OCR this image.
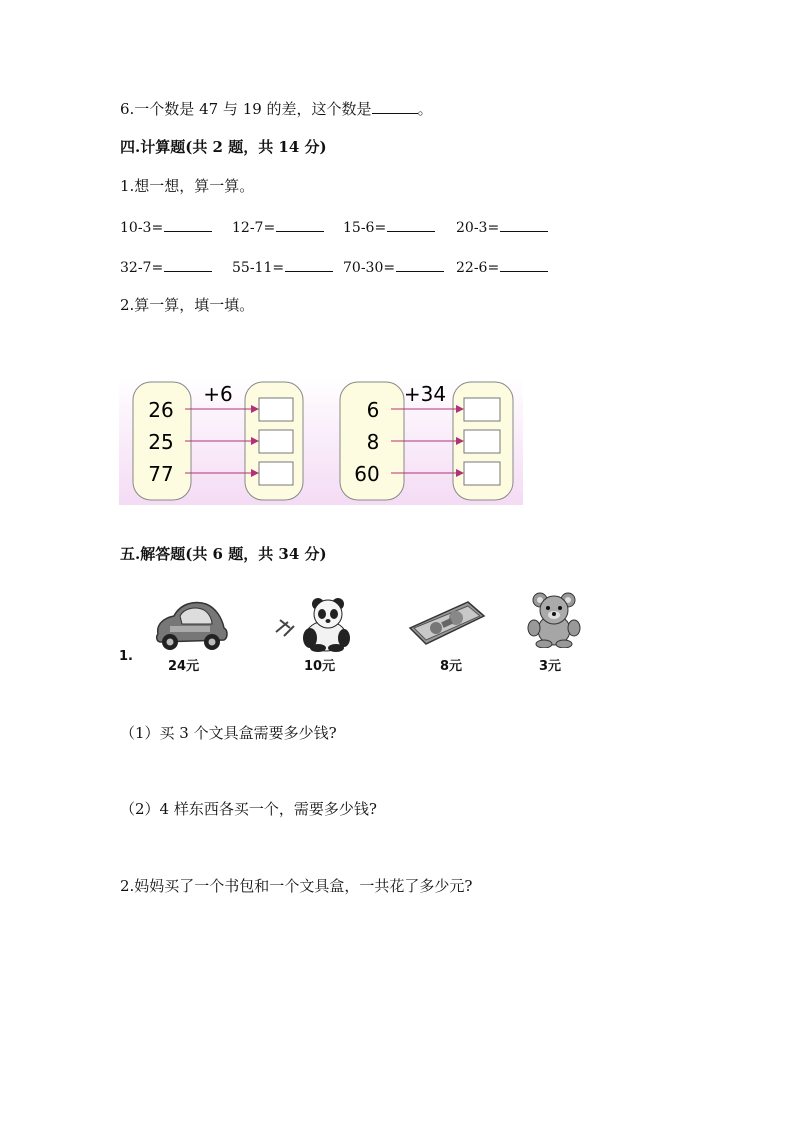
6.一个数是 47 与 19 的差，这个数是	。
四.计算题(共 2 题，共 14 分)
1.想一想，算一算。
10-3=	12-7=	15-6=	20-3=
32-7=	55-11=	70-30=	22-6=
2.算一算，填一填。
+6
26
25
77
+34
6
8
60
五.解答题(共 6 题，共 34 分)
1.
24元	10元	8元	3元
（1）买 3 个文具盒需要多少钱?
（2）4 样东西各买一个，需要多少钱?
2.妈妈买了一个书包和一个文具盒，一共花了多少元?
